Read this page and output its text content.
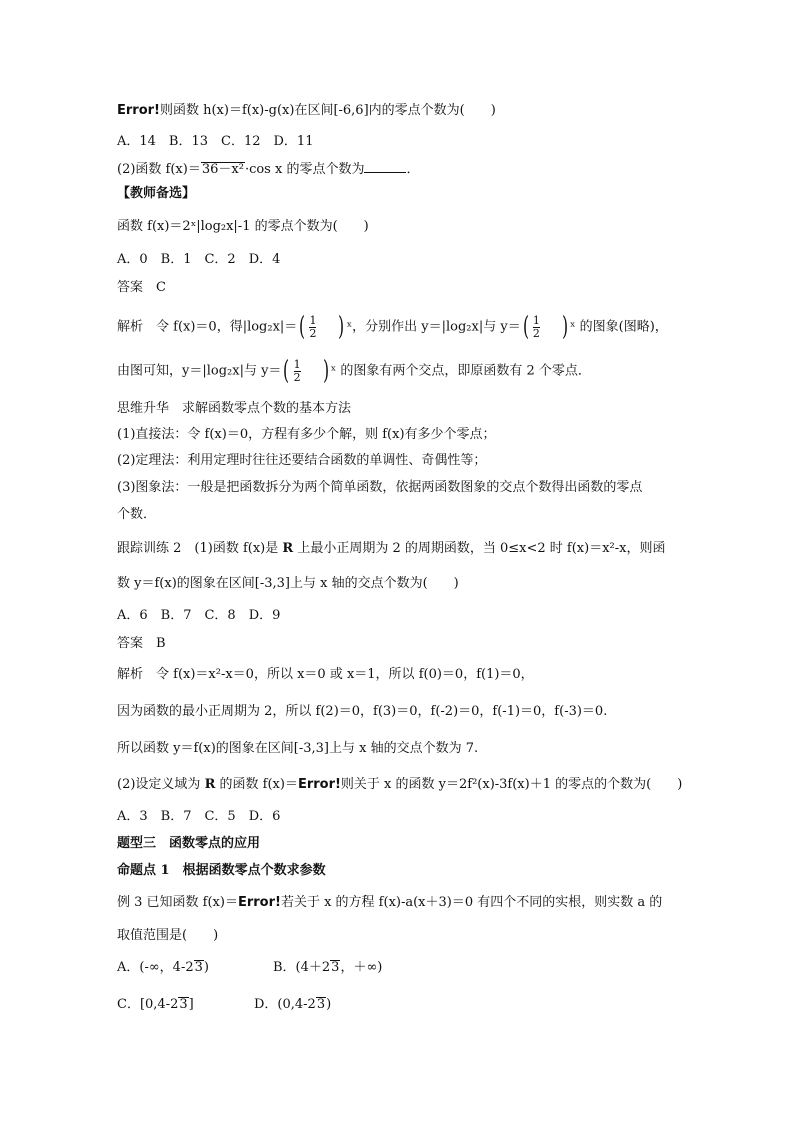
Error!则函数 h(x)＝f(x)-g(x)在区间[-6,6]内的零点个数为(　　)
A．14　B．13　C．12　D．11
(2)函数 f(x)＝36－x²·cos x 的零点个数为	．
【教师备选】
函数 f(x)＝2ˣ|log₂x|-1 的零点个数为(　　)
A．0　B．1　C．2　D．4
答案　C
解析　令 f(x)＝0，得$|\log_2x|=( \frac{1}{2}$ ) ˣ，分别作出 y＝|log₂x|与 $y=( \frac{1}{2}$ ) ˣ 的图象(图略)，
由图可知，y＝|log₂x|与 $y=( \frac{1}{2}$ ) ˣ 的图象有两个交点，即原函数有 2 个零点．
思维升华　求解函数零点个数的基本方法
(1)直接法：令 f(x)＝0，方程有多少个解，则 f(x)有多少个零点；
(2)定理法：利用定理时往往还要结合函数的单调性、奇偶性等；
(3)图象法：一般是把函数拆分为两个简单函数，依据两函数图象的交点个数得出函数的零点
个数．
跟踪训练 2　(1)函数 f(x)是 R 上最小正周期为 2 的周期函数，当 0≤x<2 时 f(x)＝x²-x，则函
数 y＝f(x)的图象在区间[-3,3]上与 x 轴的交点个数为(　　)
A．6　B．7　C．8　D．9
答案　B
解析　令 f(x)＝x²-x＝0，所以 x＝0 或 x＝1，所以 f(0)＝0，f(1)＝0，
因为函数的最小正周期为 2，所以 f(2)＝0，f(3)＝0，f(-2)＝0，f(-1)＝0，f(-3)＝0.
所以函数 y＝f(x)的图象在区间[-3,3]上与 x 轴的交点个数为 7.
(2)设定义域为 R 的函数 f(x)＝Error!则关于 x 的函数 y＝2f²(x)-3f(x)＋1 的零点的个数为(　　)
A．3　B．7　C．5　D．6
题型三　函数零点的应用
命题点 1　根据函数零点个数求参数
例 3 已知函数 f(x)＝Error!若关于 x 的方程 f(x)-a(x＋3)＝0 有四个不同的实根，则实数 a 的
取值范围是(　　)
A．(-∞，4-23)	B．(4＋23，＋∞)
C．[0,4-23]	D．(0,4-23)
